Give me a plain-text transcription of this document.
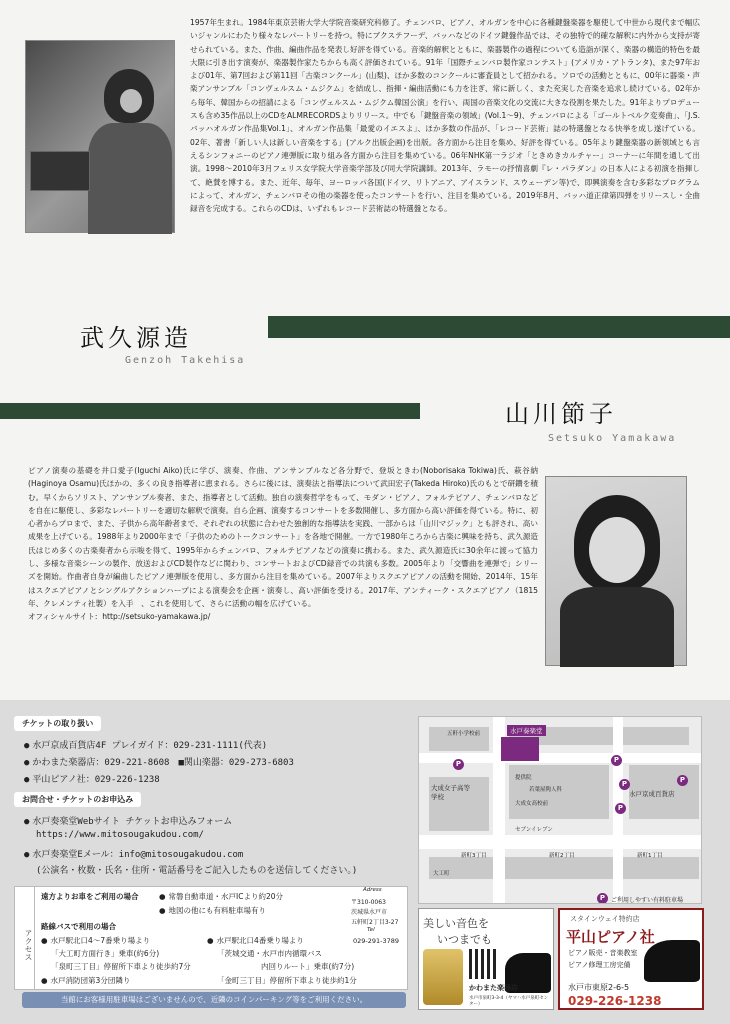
1957年生まれ。1984年東京芸術大学大学院音楽研究科修了。チェンバロ、ピアノ、オルガンを中心に各種鍵盤楽器を駆使して中世から現代まで幅広いジャンルにわたり様々なレパートリーを持つ。特にブクステフーデ、バッハなどのドイツ鍵盤作品では、その独特で的確な解釈に内外から支持が寄せられている。また、作曲、編曲作品を発表し好評を得ている。音楽的解釈とともに、楽器製作の過程についても造詣が深く、楽器の構造的特色を最大限に引き出す演奏が、楽器製作家たちからも高く評価されている。91年「国際チェンバロ製作家コンテスト」(アメリカ・アトランタ)、また97年および01年、第7回および第11回「古楽コンクール」(山梨)、ほか多数のコンクールに審査員として招かれる。ソロでの活動とともに、00年に器楽・声楽アンサンブル「コンヴェルスム・ムジクム」を結成し、指揮・編曲活動にも力を注ぎ、常に新しく、また充実した音楽を追求し続けている。02年から毎年、韓国からの招請による「コンヴェルスム・ムジクム韓国公演」を行い、両国の音楽文化の交流に大きな役割を果たした。91年よりプロデュースも含め35作品以上のCDをALMRECORDSよりリリース。中でも「鍵盤音楽の領域」(Vol.1〜9)、チェンバロによる「ゴールトベルク変奏曲」、「J.S.バッハオルガン作品集Vol.1」、オルガン作品集「最愛のイエスよ」、ほか多数の作品が、「レコード芸術」誌の特選盤となる快挙を成し遂げている。02年、著書「新しい人は新しい音楽をする」(アルク出版企画)を出版。各方面から注目を集め、好評を得ている。05年より鍵盤楽器の新領域とも言えるシンフォニーのピアノ連弾版に取り組み各方面から注目を集めている。06年NHK第一ラジオ「ときめきカルチャー」コーナーに年間を通して出演。1998〜2010年3月フェリス女学院大学音楽学部及び同大学院講師。2013年、ラモーの抒情喜劇『レ・パラダン』の日本人による初演を指揮して、絶賛を博する。また、近年、毎年、ヨーロッパ各国(ドイツ、リトアニア、アイスランド、スウェーデン等)で、即興演奏を含む多彩なプログラムによって、オルガン、チェンバロその他の楽器を使ったコンサートを行い、注目を集めている。2019年8月、バッハ道正律第四弾をリリースし・全曲録音を完成する。これらのCDは、いずれもレコード芸術誌の特選盤となる。

武久源造
Genzoh Takehisa
山川節子
Setsuko Yamakawa

ピアノ演奏の基礎を井口愛子(Iguchi Aiko)氏に学び、演奏、作曲、アンサンブルなど各分野で、登坂ときわ(Noborisaka Tokiwa)氏、萩谷納(Haginoya Osamu)氏ほかの、多くの良き指導者に恵まれる。さらに後には、演奏法と指導法について武田宏子(Takeda Hiroko)氏のもとで研鑽を積む。早くからソリスト、アンサンブル奏者、また、指導者として活動。独自の演奏哲学をもって、モダン・ピアノ、フォルテピアノ、チェンバロなどを自在に駆使し、多彩なレパートリーを適切な解釈で演奏。自ら企画、演奏するコンサートを多数開催し、多方面から高い評価を得ている。特に、初心者からプロまで、また、子供から高年齢者まで、それぞれの状態に合わせた独創的な指導法を実践、一部からは「山川マジック」とも評され、高い成果を上げている。1988年より2000年まで「子供のためのトークコンサート」を各地で開催。一方で1980年ころから古楽に興味を持ち、武久源造氏はじめ多くの古楽奏者から示唆を得て、1995年からチェンバロ、フォルテピアノなどの演奏に携わる。また、武久源造氏に30余年に渡って協力し、多様な音楽シーンの製作、放送およびCD製作などに関わり、コンサートおよびCD録音での共演も多数。2005年より「交響曲を連弾で」シリーズを開始。作曲者自身が編曲したピアノ連弾版を使用し、多方面から注目を集めている。2007年よりスクエアピアノの活動を開始、2014年、15年はスクエアピアノとシングルアクションハープによる演奏会を企画・演奏し、高い評価を受ける。2017年、アンティーク・スクエアピアノ（1815年、クレメンティ社製）を入手　、これを使用して、さらに活動の幅を広げている。

オフィシャルサイト: http://setsuko-yamakawa.jp/

チケットの取り扱い
● 水戸京成百貨店4F プレイガイド：029-231-1111(代表)
● かわまた楽器店：029-221-8608　■関山楽器：029-273-6803
● 平山ピアノ社：029-226-1238
お問合せ・チケットのお申込み
● 水戸奏楽堂Webサイト チケットお申込みフォーム
https://www.mitosougakudou.com/
● 水戸奏楽堂Eメール：info@mitosougakudou.com
(公演名・枚数・氏名・住所・電話番号をご記入したものを送信してください。)
水戸奏楽堂
五軒小学校前
大成女子高等学校
提供院
若葉屋陶人科
大成女高校前
セブンイレブン
新町3丁目	新町2丁目	新町1丁目
大工町
水戸京成百貨店
P	P
P
P
P
P ご利用しやすい有料駐車場
アクセス
遠方よりお車をご利用の場合
●	常磐自動車道・水戸ICより約20分
● 地図の他にも有料駐車場有り
路線バスで利用の場合
● 水戸駅北口4〜7番乗り場より
「大工町方面行き」乗車(約6分)
「泉町三丁目」停留所下車より徒歩約7分
● 水戸消防団第3分団隣り
● 水戸駅北口4番乗り場より
「茨城交通・水戸市内循環バス
内回りルート」乗車(約7分)
「金町三丁目」停留所下車より徒歩約1分
Adress
〒310-0063
茨城県水戸市
五軒町2丁目3-27
Tel
029-291-3789
当館にお客様用駐車場はございませんので、近隣のコインパーキング等をご利用ください。
美しい音色を
いつまでも
かわまた楽器店
水戸市泉町3-3-4（ヤマハ水戸泉町センター）
スタインウェイ特約店
平山ピアノ社
ピアノ販売・音楽教室
ピアノ修理工房完備
水戸市東原2-6-5
029-226-1238
